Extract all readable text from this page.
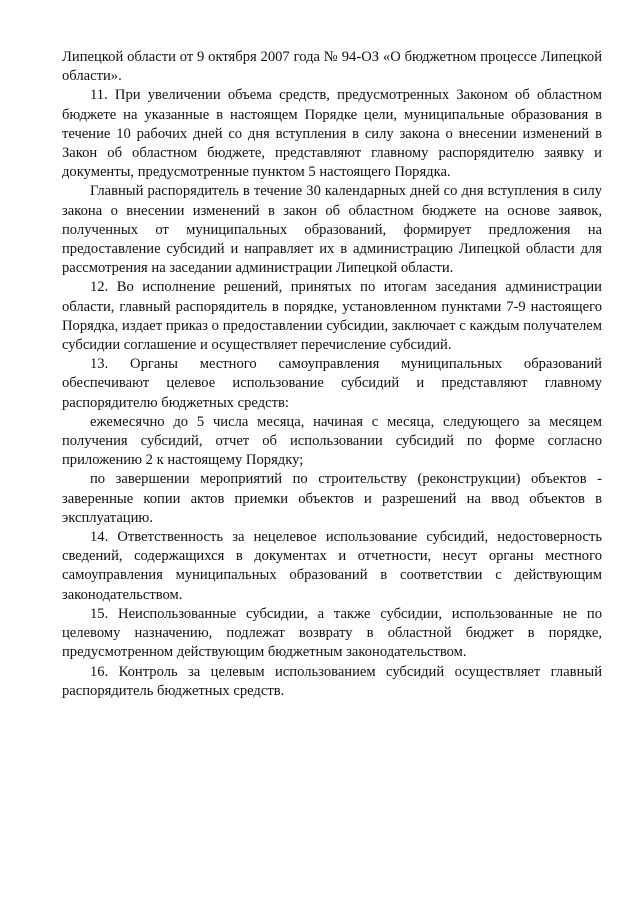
Липецкой области от 9 октября 2007 года № 94-ОЗ «О бюджетном процессе Липецкой области».

11. При увеличении объема средств, предусмотренных Законом об областном бюджете на указанные в настоящем Порядке цели, муниципальные образования в течение 10 рабочих дней со дня вступления в силу закона о внесении изменений в Закон об областном бюджете, представляют главному распорядителю заявку и документы, предусмотренные пунктом 5 настоящего Порядка.

Главный распорядитель в течение 30 календарных дней со дня вступления в силу закона о внесении изменений в закон об областном бюджете на основе заявок, полученных от муниципальных образований, формирует предложения на предоставление субсидий и направляет их в администрацию Липецкой области для рассмотрения на заседании администрации Липецкой области.

12. Во исполнение решений, принятых по итогам заседания администрации области, главный распорядитель в порядке, установленном пунктами 7-9 настоящего Порядка, издает приказ о предоставлении субсидии, заключает с каждым получателем субсидии соглашение и осуществляет перечисление субсидий.

13. Органы местного самоуправления муниципальных образований обеспечивают целевое использование субсидий и представляют главному распорядителю бюджетных средств:

ежемесячно до 5 числа месяца, начиная с месяца, следующего за месяцем получения субсидий, отчет об использовании субсидий по форме согласно приложению 2 к настоящему Порядку;

по завершении мероприятий по строительству (реконструкции) объектов - заверенные копии актов приемки объектов и разрешений на ввод объектов в эксплуатацию.

14. Ответственность за нецелевое использование субсидий, недостоверность сведений, содержащихся в документах и отчетности, несут органы местного самоуправления муниципальных образований в соответствии с действующим законодательством.

15. Неиспользованные субсидии, а также субсидии, использованные не по целевому назначению, подлежат возврату в областной бюджет в порядке, предусмотренном действующим бюджетным законодательством.

16. Контроль за целевым использованием субсидий осуществляет главный распорядитель бюджетных средств.
